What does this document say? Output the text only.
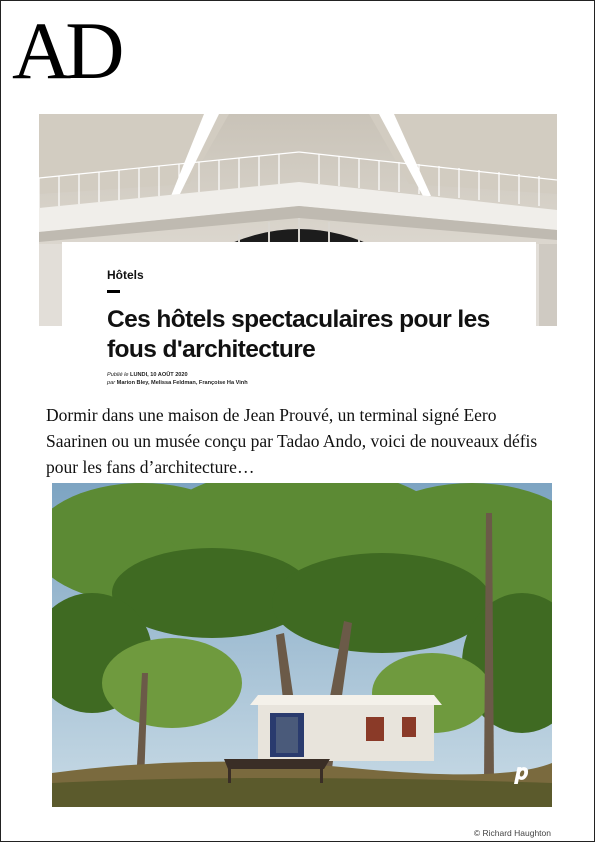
AD
Hôtels
Ces hôtels spectaculaires pour les fous d'architecture
Publié le LUNDI, 10 AOÛT 2020
par Marion Bley, Melissa Feldman, Françoise Ha Vinh

Dormir dans une maison de Jean Prouvé, un terminal signé Eero Saarinen ou un musée conçu par Tadao Ando, voici de nouveaux défis pour les fans d’architecture…

𝒑
© Richard Haughton
